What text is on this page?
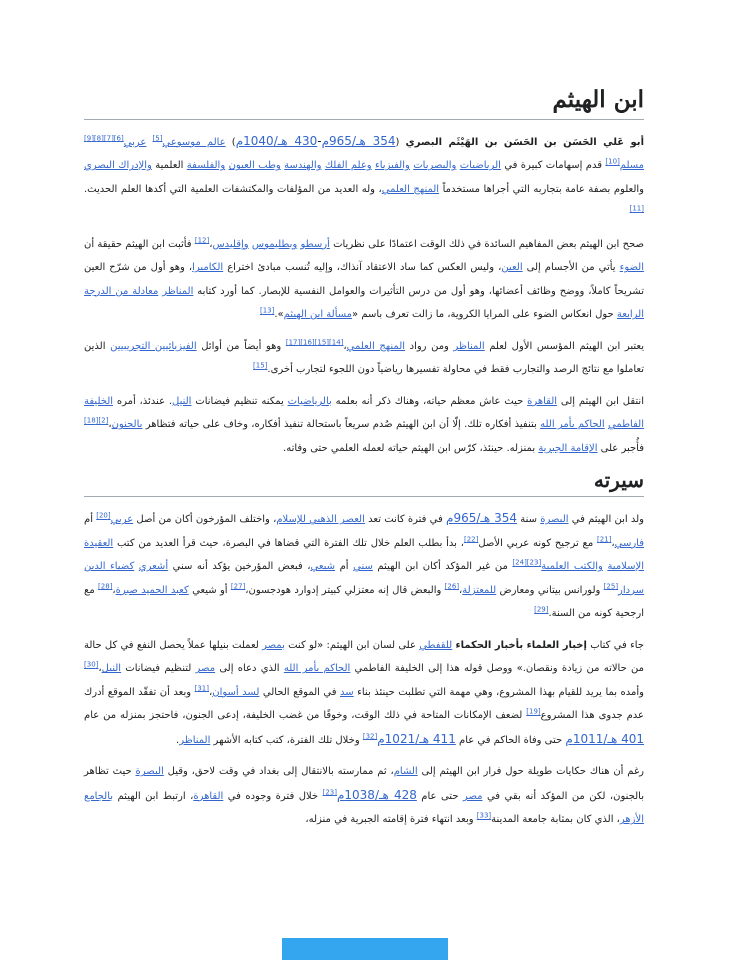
ابن الهيثم

أبو عَلي الحَسَن بن الحَسَن بن الهَيْثَم البصري (354 هـ/965م-430 هـ/1040م) عالم موسوعي[5] عربي[6][7][8][9] مسلم[10] قدم إسهامات كبيرة في الرياضيات والبصريات والفيزياء وعلم الفلك والهندسة وطب العيون والفلسفة العلمية والإدراك البصري والعلوم بصفة عامة بتجاربه التي أجراها مستخدماً المنهج العلمي، وله العديد من المؤلفات والمكتشفات العلمية التي أكدها العلم الحديث.[11]

صحح ابن الهيثم بعض المفاهيم السائدة في ذلك الوقت اعتمادًا على نظريات أرسطو وبطليموس وإقليدس،[12] فأثبت ابن الهيثم حقيقة أن الضوء يأتي من الأجسام إلى العين، وليس العكس كما ساد الاعتقاد آنذاك، وإليه تُنسب مبادئ اختراع الكاميرا، وهو أول من شرّح العين تشريحاً كاملاً، ووضح وظائف أعضائها، وهو أول من درس التأثيرات والعوامل النفسية للإبصار. كما أورد كتابه المناظر معادلة من الدرجة الرابعة حول انعكاس الضوء على المرايا الكروية، ما زالت تعرف باسم «مسألة ابن الهيثم».[13]

يعتبر ابن الهيثم المؤسس الأول لعلم المناظر ومن رواد المنهج العلمي،[14][15][16][17] وهو أيضاً من أوائل الفيزيائيين التجريبيين الذين تعاملوا مع نتائج الرصد والتجارب فقط في محاولة تفسيرها رياضياً دون اللجوء لتجارب أخرى.[15]

انتقل ابن الهيثم إلى القاهرة حيث عاش معظم حياته، وهناك ذكر أنه بعلمه بالرياضيات يمكنه تنظيم فيضانات النيل. عندئذ، أمره الخليفة الفاطمي الحاكم بأمر الله بتنفيذ أفكاره تلك. إلّا أن ابن الهيثم صُدم سريعاً باستحالة تنفيذ أفكاره، وخاف على حياته فتظاهر بالجنون،[2][18] فأُجبر على الإقامة الجبرية بمنزله. حينئذ، كرّس ابن الهيثم حياته لعمله العلمي حتى وفاته.

سيرته

ولد ابن الهيثم في البصرة سنة 354 هـ/965م في فترة كانت تعد العصر الذهبي للإسلام، واختلف المؤرخون أكان من أصل عربي[20] أم فارسي،[21] مع ترجيح كونه عربي الأصل[22]، بدأ بطلب العلم خلال تلك الفترة التي قضاها في البصرة، حيث قرأ العديد من كتب العقيدة الإسلامية والكتب العلمية[23][24] من غير المؤكد أكان ابن الهيثم سني أم شيعي، فبعض المؤرخين يؤكد أنه سني أشعري كضياء الدين سردار[25] ولورانس بيتاني ومعارض للمعتزلة،[26] والبعض قال إنه معتزلي كبيتر إدوارد هودجسون،[27] أو شيعي كعبد الحميد صبرة،[28] مع ارجحية كونه من السنة.[29]

جاء في كتاب إخبار العلماء بأخبار الحكماء للقفطي على لسان ابن الهيثم: «لو كنت بمصر لعملت بنيلها عملاً يحصل النفع في كل حالة من حالاته من زيادة ونقصان.» ووصل قوله هذا إلى الخليفة الفاطمي الحاكم بأمر الله الذي دعاه إلى مصر لتنظيم فيضانات النيل،[30] وأمده بما يريد للقيام بهذا المشروع، وهي مهمة التي تطلبت حينئذ بناء سد في الموقع الحالي لسد أسوان،[31] وبعد أن تفقّد الموقع أدرك عدم جدوى هذا المشروع[19] لضعف الإمكانات المتاحة في ذلك الوقت، وخوفًا من غضب الخليفة، إدعى الجنون، فاحتجز بمنزله من عام 401 هـ/1011م حتى وفاة الحاكم في عام 411 هـ/1021م[32] وخلال تلك الفترة، كتب كتابه الأشهر المناظر.

رغم أن هناك حكايات طويلة حول فرار ابن الهيثم إلى الشام، ثم ممارسته بالانتقال إلى بغداد في وقت لاحق، وقيل البصرة حيث تظاهر بالجنون، لكن من المؤكد أنه بقي في مصر حتى عام 428 هـ/1038م[23] خلال فترة وجوده في القاهرة، ارتبط ابن الهيثم بالجامع الأزهر، الذي كان بمثابة جامعة المدينة[33] وبعد انتهاء فترة إقامته الجبرية في منزله،
